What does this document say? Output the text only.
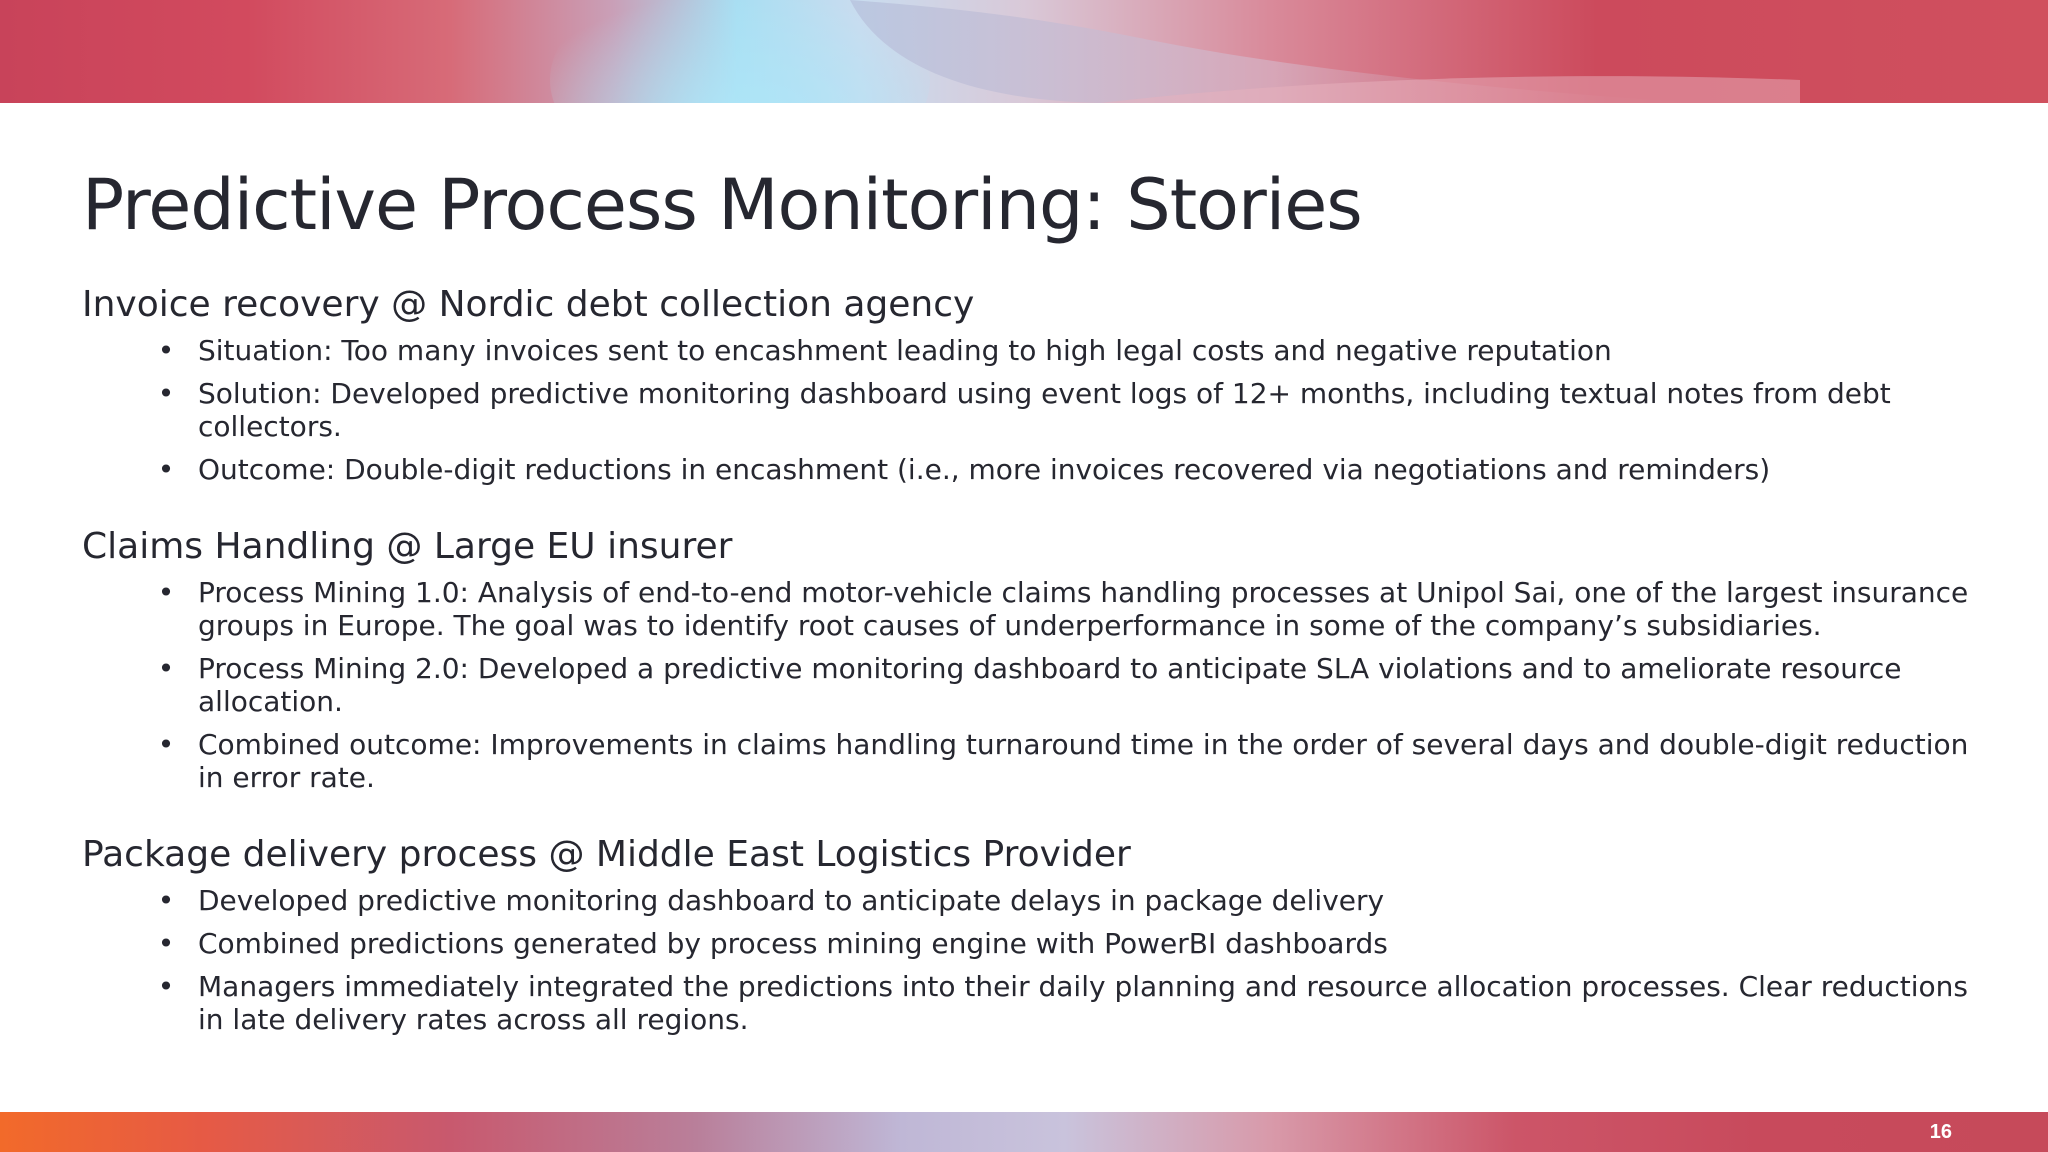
Predictive Process Monitoring: Stories
Invoice recovery @ Nordic debt collection agency
• Situation: Too many invoices sent to encashment leading to high legal costs and negative reputation
• Solution: Developed predictive monitoring dashboard using event logs of 12+ months, including textual notes from debt collectors.
• Outcome: Double-digit reductions in encashment (i.e., more invoices recovered via negotiations and reminders)
Claims Handling @ Large EU insurer
• Process Mining 1.0: Analysis of end-to-end motor-vehicle claims handling processes at Unipol Sai, one of the largest insurance groups in Europe. The goal was to identify root causes of underperformance in some of the company’s subsidiaries.
• Process Mining 2.0: Developed a predictive monitoring dashboard to anticipate SLA violations and to ameliorate resource allocation.
• Combined outcome: Improvements in claims handling turnaround time in the order of several days and double-digit reduction in error rate.
Package delivery process @ Middle East Logistics Provider
• Developed predictive monitoring dashboard to anticipate delays in package delivery
• Combined predictions generated by process mining engine with PowerBI dashboards
• Managers immediately integrated the predictions into their daily planning and resource allocation processes. Clear reductions in late delivery rates across all regions.
16
